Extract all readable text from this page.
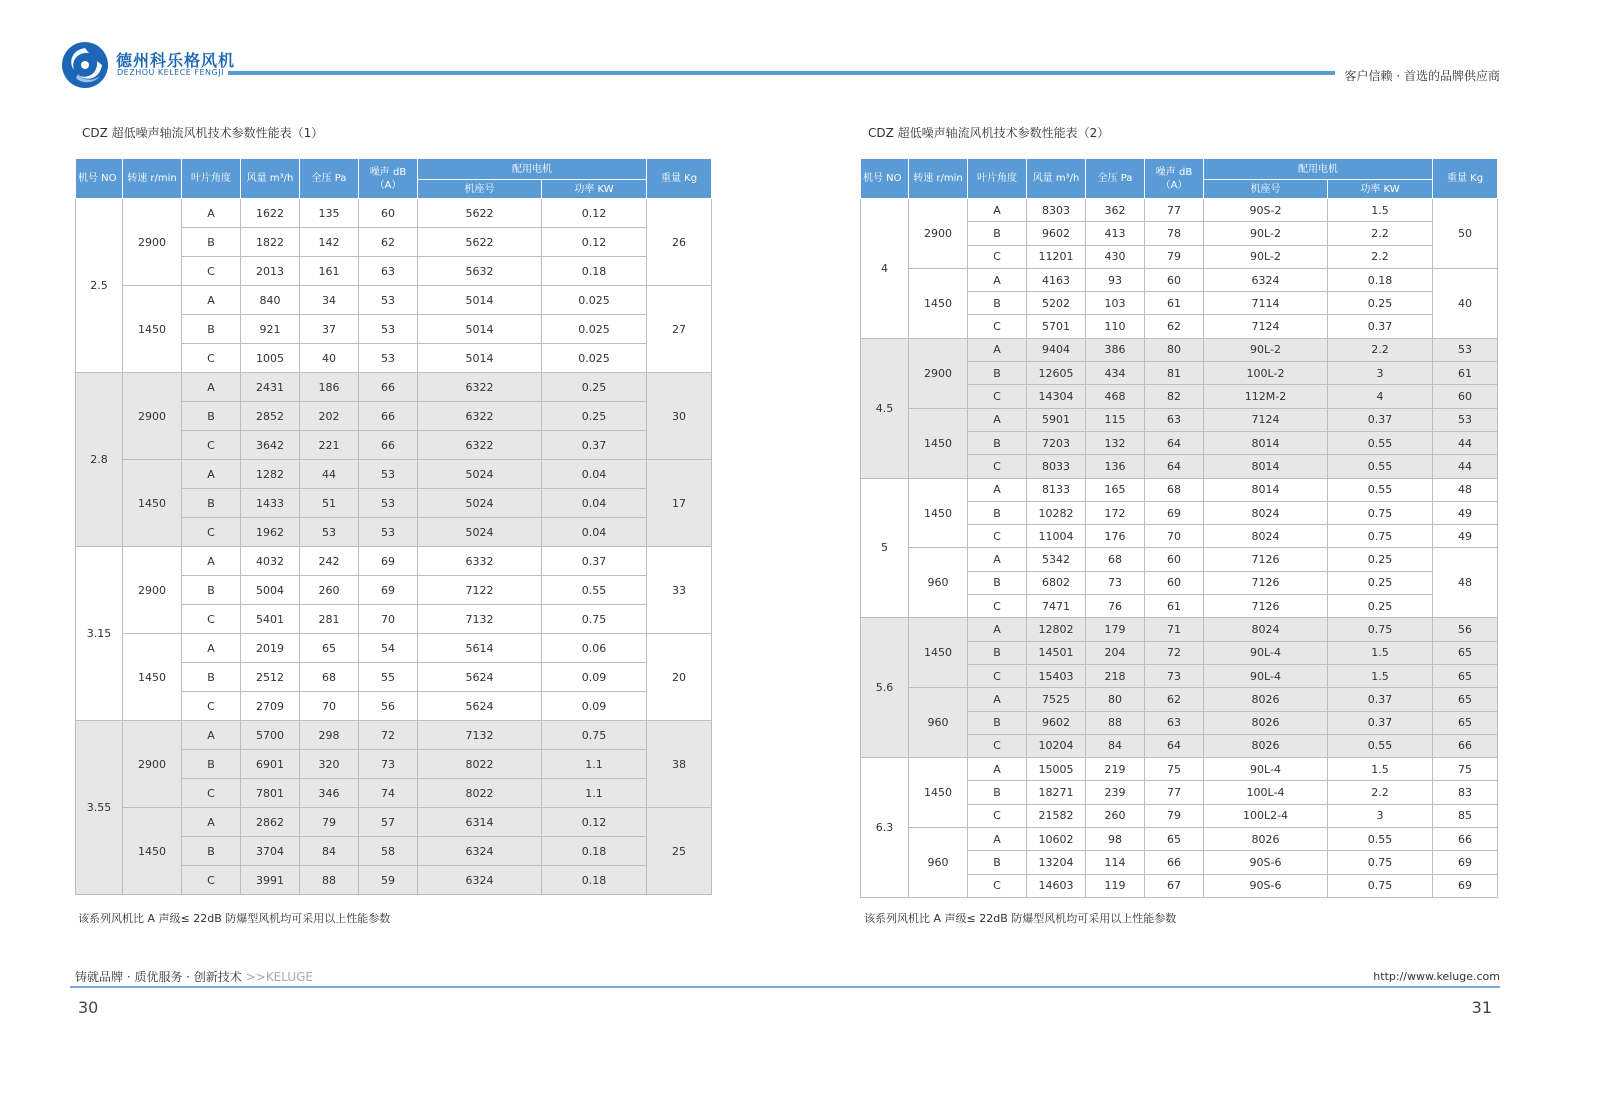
德州科乐格风机
DEZHOU KELECE FENGJI	客户信赖 · 首选的品牌供应商
CDZ 超低噪声轴流风机技术参数性能表（1）	CDZ 超低噪声轴流风机技术参数性能表（2）
机号 NO	转速 r/min	叶片角度	风量 m³/h	全压 Pa	噪声 dB（A）	配用电机		重量 Kg
						机座号	功率 KW	
2.5	2900	A	1622	135	60	5622	0.12	26
		B	1822	142	62	5622	0.12	
		C	2013	161	63	5632	0.18	
	1450	A	840	34	53	5014	0.025	27
		B	921	37	53	5014	0.025	
		C	1005	40	53	5014	0.025	
2.8	2900	A	2431	186	66	6322	0.25	30
		B	2852	202	66	6322	0.25	
		C	3642	221	66	6322	0.37	
	1450	A	1282	44	53	5024	0.04	17
		B	1433	51	53	5024	0.04	
		C	1962	53	53	5024	0.04	
3.15	2900	A	4032	242	69	6332	0.37	33
		B	5004	260	69	7122	0.55	
		C	5401	281	70	7132	0.75	
	1450	A	2019	65	54	5614	0.06	20
		B	2512	68	55	5624	0.09	
		C	2709	70	56	5624	0.09	
3.55	2900	A	5700	298	72	7132	0.75	38
		B	6901	320	73	8022	1.1	
		C	7801	346	74	8022	1.1	
	1450	A	2862	79	57	6314	0.12	25
		B	3704	84	58	6324	0.18	
		C	3991	88	59	6324	0.18	
该系列风机比 A 声级≤ 22dB 防爆型风机均可采用以上性能参数
机号 NO	转速 r/min	叶片角度	风量 m³/h	全压 Pa	噪声 dB（A）	配用电机		重量 Kg
						机座号	功率 KW	
4	2900	A	8303	362	77	90S-2	1.5	50
		B	9602	413	78	90L-2	2.2	
		C	11201	430	79	90L-2	2.2	
	1450	A	4163	93	60	6324	0.18	40
		B	5202	103	61	7114	0.25	
		C	5701	110	62	7124	0.37	
4.5	2900	A	9404	386	80	90L-2	2.2	53
		B	12605	434	81	100L-2	3	61
		C	14304	468	82	112M-2	4	60
	1450	A	5901	115	63	7124	0.37	53
		B	7203	132	64	8014	0.55	44
		C	8033	136	64	8014	0.55	44
5	1450	A	8133	165	68	8014	0.55	48
		B	10282	172	69	8024	0.75	49
		C	11004	176	70	8024	0.75	49
	960	A	5342	68	60	7126	0.25	48
		B	6802	73	60	7126	0.25	
		C	7471	76	61	7126	0.25	
5.6	1450	A	12802	179	71	8024	0.75	56
		B	14501	204	72	90L-4	1.5	65
		C	15403	218	73	90L-4	1.5	65
	960	A	7525	80	62	8026	0.37	65
		B	9602	88	63	8026	0.37	65
		C	10204	84	64	8026	0.55	66
6.3	1450	A	15005	219	75	90L-4	1.5	75
		B	18271	239	77	100L-4	2.2	83
		C	21582	260	79	100L2-4	3	85
	960	A	10602	98	65	8026	0.55	66
		B	13204	114	66	90S-6	0.75	69
		C	14603	119	67	90S-6	0.75	69
该系列风机比 A 声级≤ 22dB 防爆型风机均可采用以上性能参数
铸就品牌 · 质优服务 · 创新技术 >>KELUGE	http://www.keluge.com
30	31
